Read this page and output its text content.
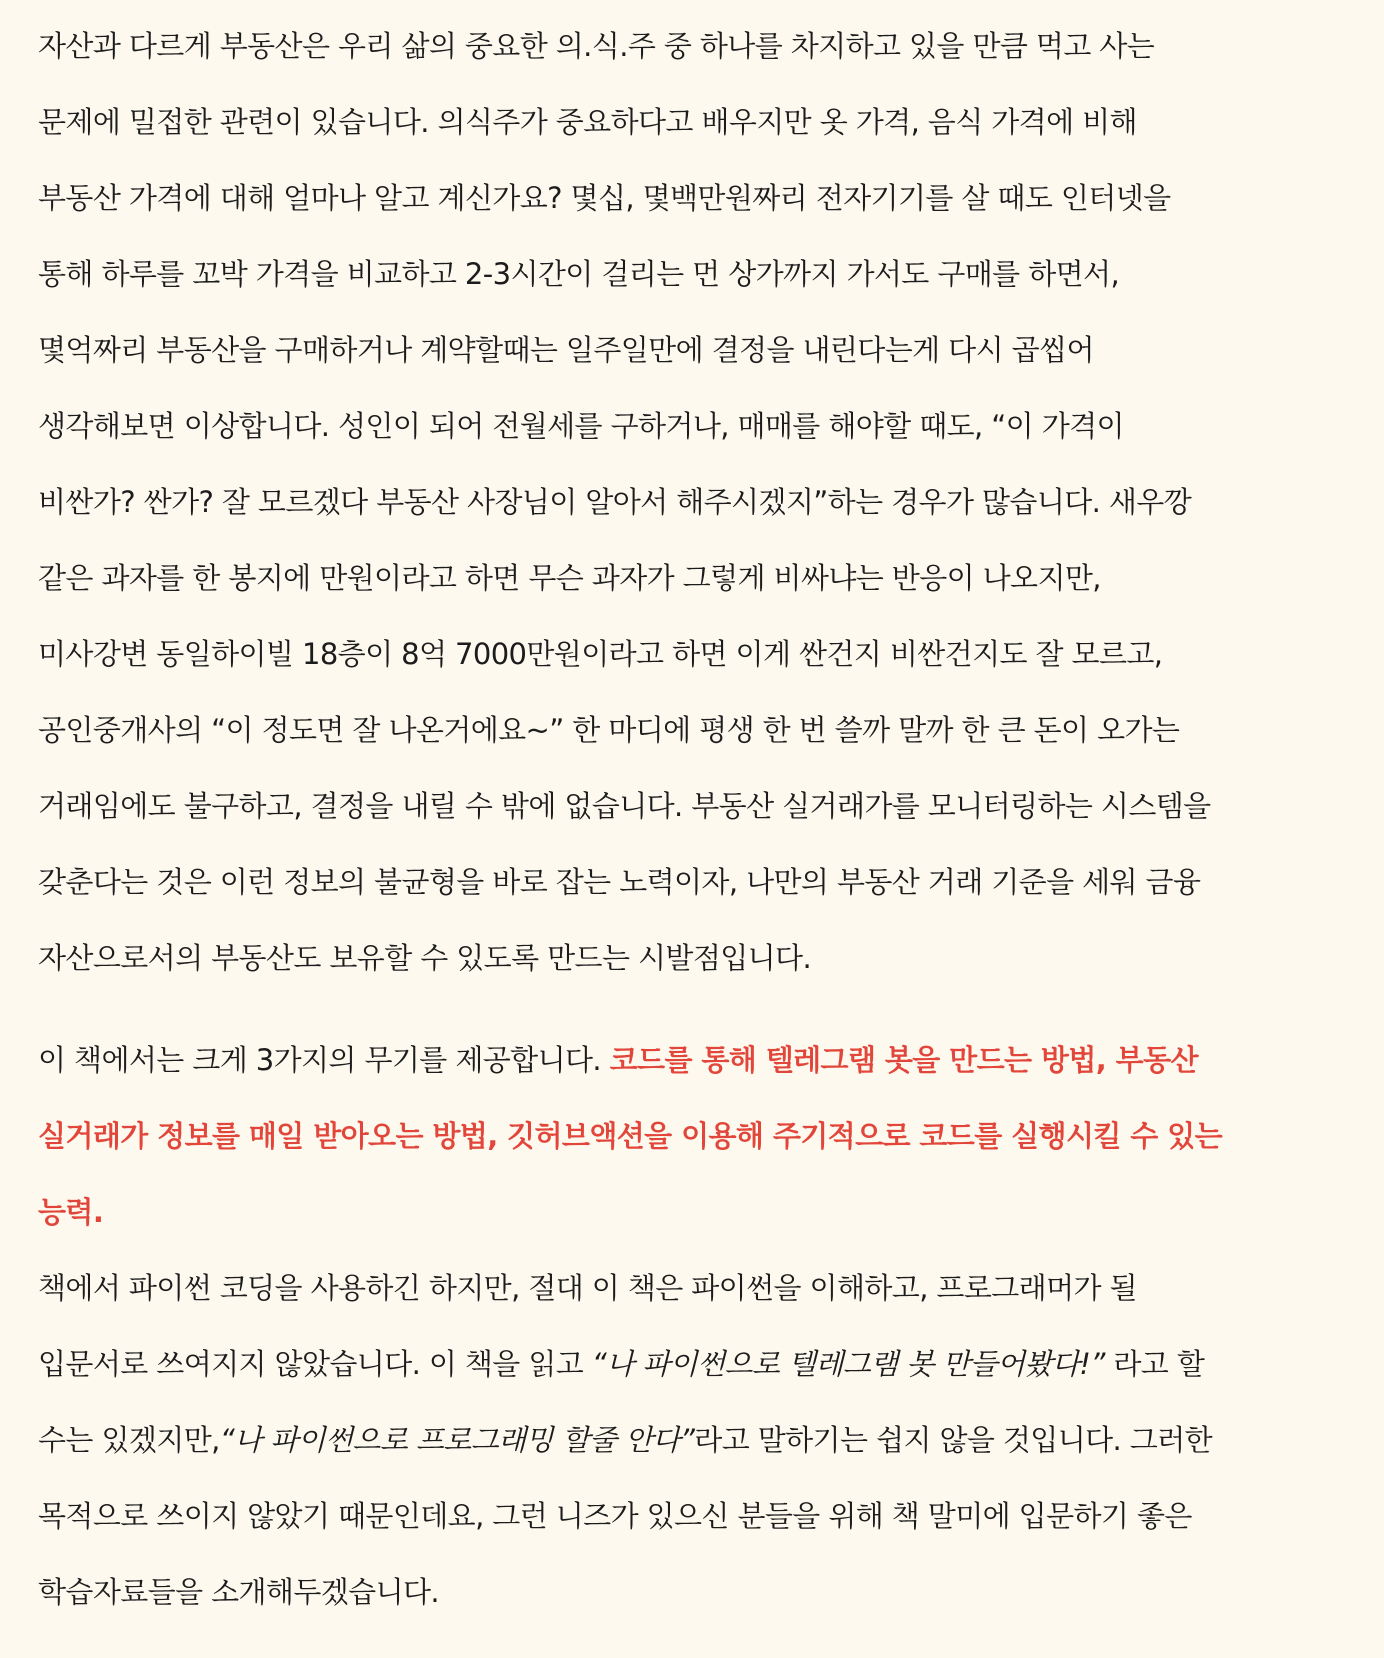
자산과 다르게 부동산은 우리 삶의 중요한 의.식.주 중 하나를 차지하고 있을 만큼 먹고 사는
문제에 밀접한 관련이 있습니다. 의식주가 중요하다고 배우지만 옷 가격, 음식 가격에 비해
부동산 가격에 대해 얼마나 알고 계신가요? 몇십, 몇백만원짜리 전자기기를 살 때도 인터넷을
통해 하루를 꼬박 가격을 비교하고 2-3시간이 걸리는 먼 상가까지 가서도 구매를 하면서,
몇억짜리 부동산을 구매하거나 계약할때는 일주일만에 결정을 내린다는게 다시 곱씹어
생각해보면 이상합니다. 성인이 되어 전월세를 구하거나, 매매를 해야할 때도, “이 가격이
비싼가? 싼가? 잘 모르겠다 부동산 사장님이 알아서 해주시겠지”하는 경우가 많습니다. 새우깡
같은 과자를 한 봉지에 만원이라고 하면 무슨 과자가 그렇게 비싸냐는 반응이 나오지만,
미사강변 동일하이빌 18층이 8억 7000만원이라고 하면 이게 싼건지 비싼건지도 잘 모르고,
공인중개사의 “이 정도면 잘 나온거에요~” 한 마디에 평생 한 번 쓸까 말까 한 큰 돈이 오가는
거래임에도 불구하고, 결정을 내릴 수 밖에 없습니다. 부동산 실거래가를 모니터링하는 시스템을
갖춘다는 것은 이런 정보의 불균형을 바로 잡는 노력이자, 나만의 부동산 거래 기준을 세워 금융
자산으로서의 부동산도 보유할 수 있도록 만드는 시발점입니다.
이 책에서는 크게 3가지의 무기를 제공합니다. 코드를 통해 텔레그램 봇을 만드는 방법, 부동산
실거래가 정보를 매일 받아오는 방법, 깃허브액션을 이용해 주기적으로 코드를 실행시킬 수 있는
능력.
책에서 파이썬 코딩을 사용하긴 하지만, 절대 이 책은 파이썬을 이해하고, 프로그래머가 될
입문서로 쓰여지지 않았습니다. 이 책을 읽고 “나 파이썬으로 텔레그램 봇 만들어봤다!” 라고 할
수는 있겠지만,“나 파이썬으로 프로그래밍 할줄 안다”라고 말하기는 쉽지 않을 것입니다. 그러한
목적으로 쓰이지 않았기 때문인데요, 그런 니즈가 있으신 분들을 위해 책 말미에 입문하기 좋은
학습자료들을 소개해두겠습니다.
